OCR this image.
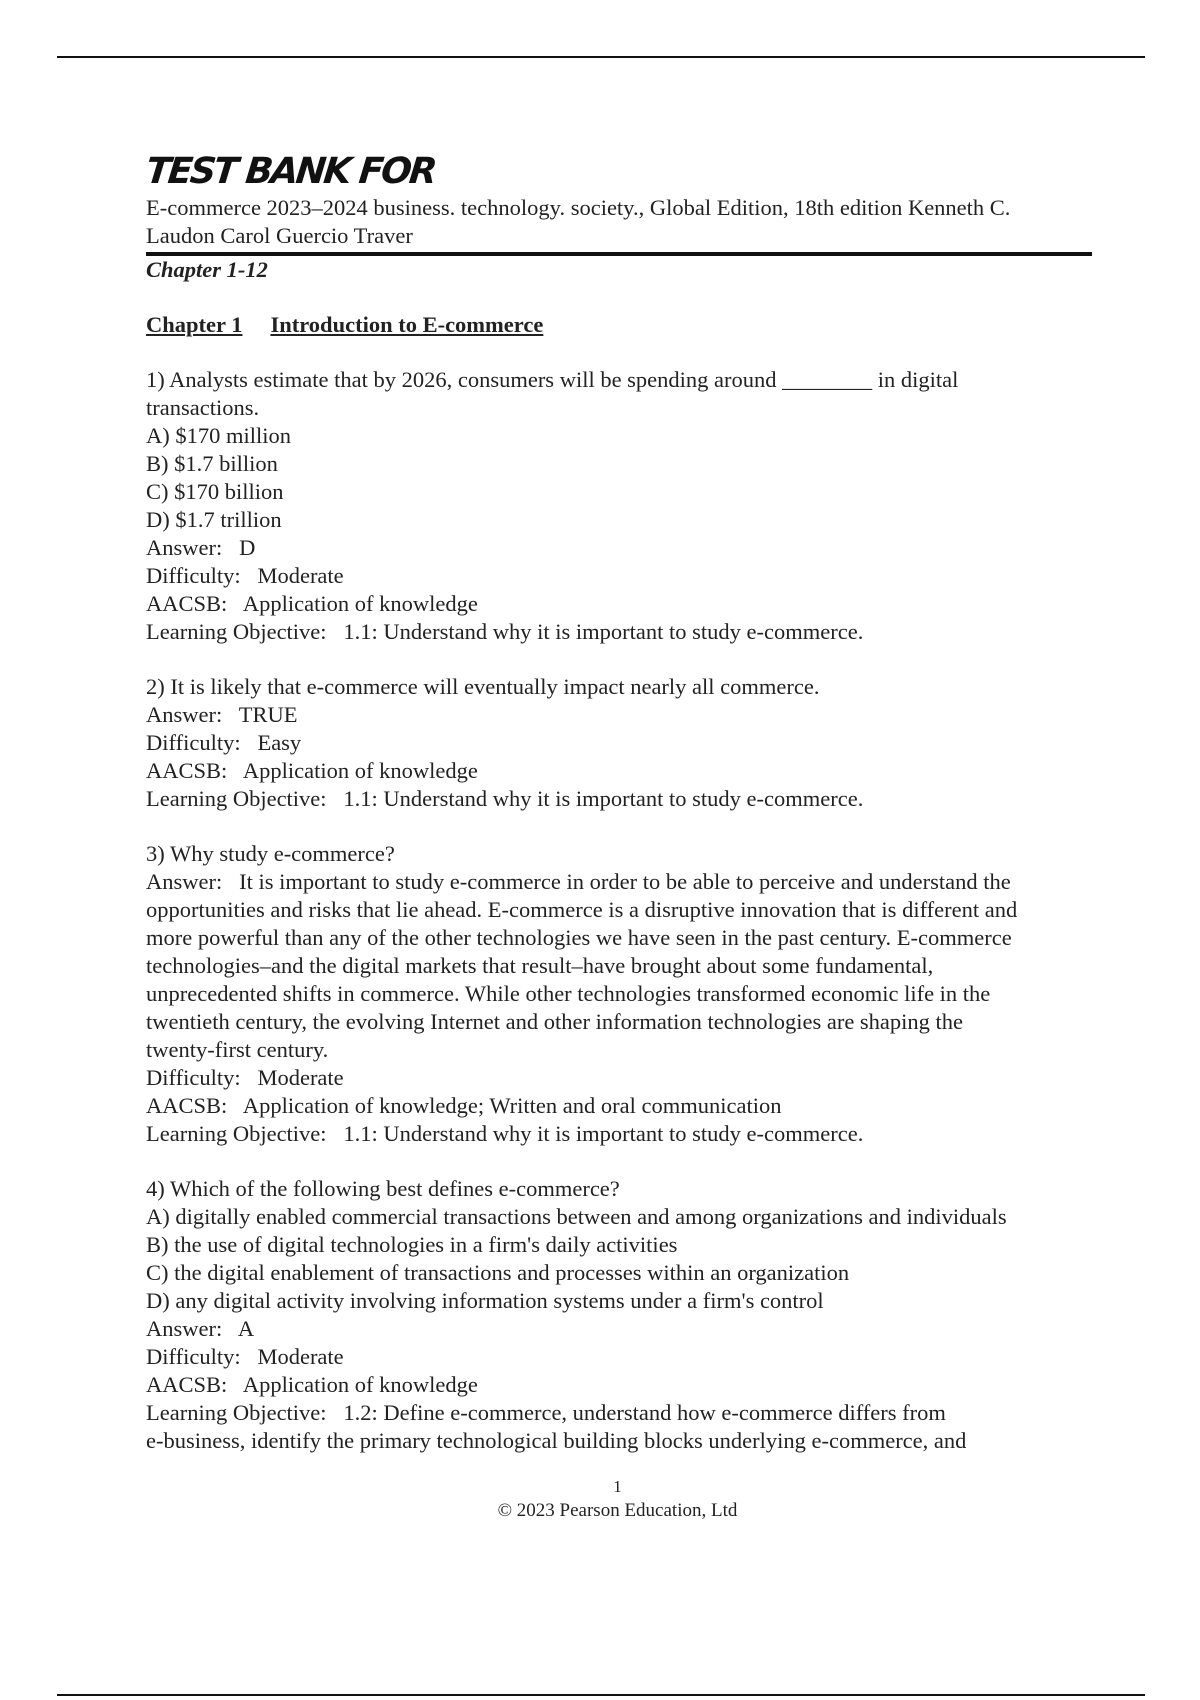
TEST BANK FOR
E-commerce 2023–2024 business. technology. society., Global Edition, 18th edition Kenneth C.
Laudon Carol Guercio Traver
Chapter 1-12
Chapter 1 Introduction to E-commerce
1) Analysts estimate that by 2026, consumers will be spending around ________ in digital
transactions.
A) $170 million
B) $1.7 billion
C) $170 billion
D) $1.7 trillion
Answer:   D
Difficulty:   Moderate
AACSB:   Application of knowledge
Learning Objective:   1.1: Understand why it is important to study e-commerce.
2) It is likely that e-commerce will eventually impact nearly all commerce.
Answer:   TRUE
Difficulty:   Easy
AACSB:   Application of knowledge
Learning Objective:   1.1: Understand why it is important to study e-commerce.
3) Why study e-commerce?
Answer:   It is important to study e-commerce in order to be able to perceive and understand the
opportunities and risks that lie ahead. E-commerce is a disruptive innovation that is different and
more powerful than any of the other technologies we have seen in the past century. E-commerce
technologies–and the digital markets that result–have brought about some fundamental,
unprecedented shifts in commerce. While other technologies transformed economic life in the
twentieth century, the evolving Internet and other information technologies are shaping the
twenty-first century.
Difficulty:   Moderate
AACSB:   Application of knowledge; Written and oral communication
Learning Objective:   1.1: Understand why it is important to study e-commerce.
4) Which of the following best defines e-commerce?
A) digitally enabled commercial transactions between and among organizations and individuals
B) the use of digital technologies in a firm's daily activities
C) the digital enablement of transactions and processes within an organization
D) any digital activity involving information systems under a firm's control
Answer:   A
Difficulty:   Moderate
AACSB:   Application of knowledge
Learning Objective:   1.2: Define e-commerce, understand how e-commerce differs from
e-business, identify the primary technological building blocks underlying e-commerce, and
1
© 2023 Pearson Education, Ltd
